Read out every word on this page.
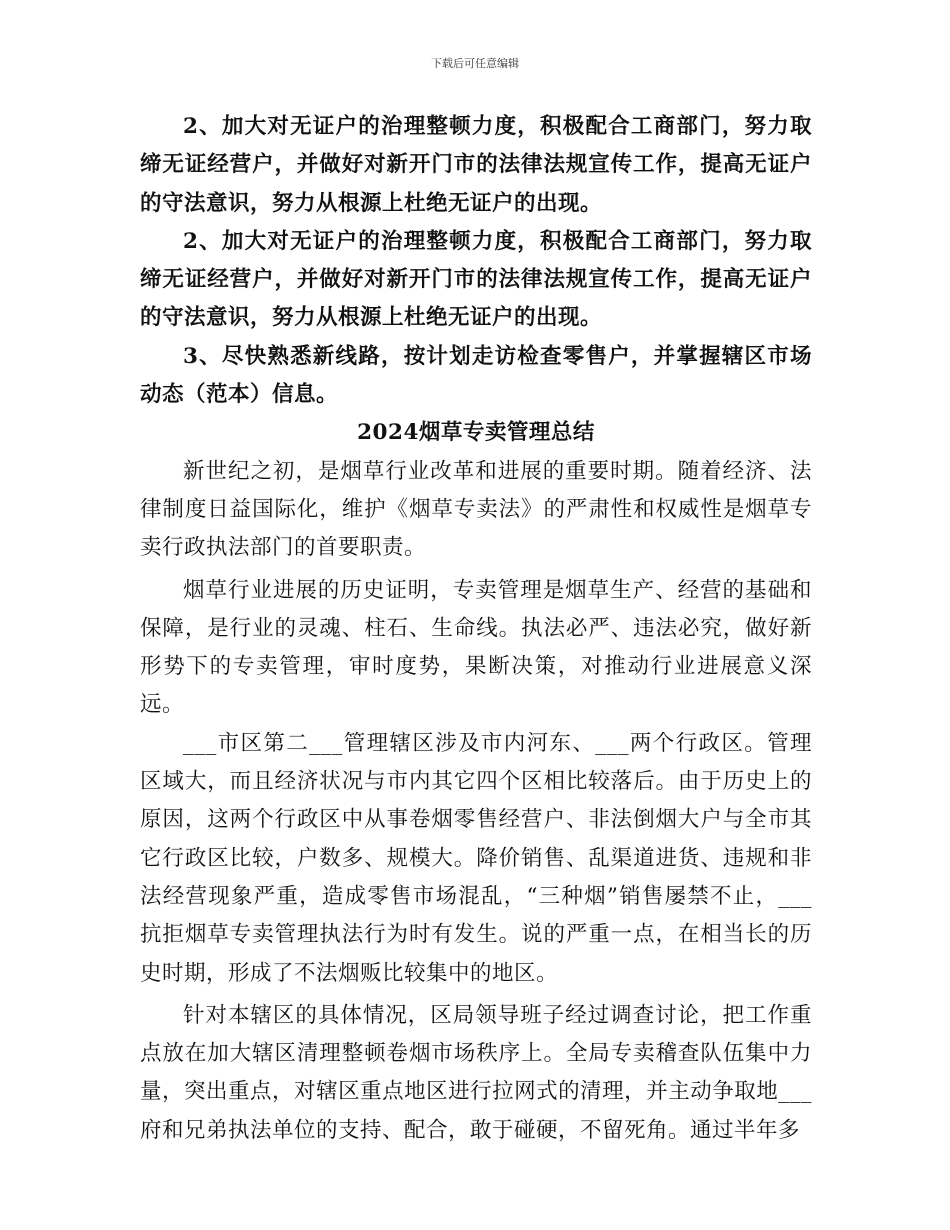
下载后可任意编辑

2、加大对无证户的治理整顿力度，积极配合工商部门，努力取缔无证经营户，并做好对新开门市的法律法规宣传工作，提高无证户的守法意识，努力从根源上杜绝无证户的出现。

2、加大对无证户的治理整顿力度，积极配合工商部门，努力取缔无证经营户，并做好对新开门市的法律法规宣传工作，提高无证户的守法意识，努力从根源上杜绝无证户的出现。

3、尽快熟悉新线路，按计划走访检查零售户，并掌握辖区市场动态（范本）信息。

2024烟草专卖管理总结

新世纪之初，是烟草行业改革和进展的重要时期。随着经济、法律制度日益国际化，维护《烟草专卖法》的严肃性和权威性是烟草专卖行政执法部门的首要职责。

烟草行业进展的历史证明，专卖管理是烟草生产、经营的基础和保障，是行业的灵魂、柱石、生命线。执法必严、违法必究，做好新形势下的专卖管理，审时度势，果断决策，对推动行业进展意义深远。

___市区第二___管理辖区涉及市内河东、___两个行政区。管理区域大，而且经济状况与市内其它四个区相比较落后。由于历史上的原因，这两个行政区中从事卷烟零售经营户、非法倒烟大户与全市其它行政区比较，户数多、规模大。降价销售、乱渠道进货、违规和非法经营现象严重，造成零售市场混乱，“三种烟”销售屡禁不止，___抗拒烟草专卖管理执法行为时有发生。说的严重一点，在相当长的历史时期，形成了不法烟贩比较集中的地区。

针对本辖区的具体情况，区局领导班子经过调查讨论，把工作重点放在加大辖区清理整顿卷烟市场秩序上。全局专卖稽查队伍集中力量，突出重点，对辖区重点地区进行拉网式的清理，并主动争取地___府和兄弟执法单位的支持、配合，敢于碰硬，不留死角。通过半年多
